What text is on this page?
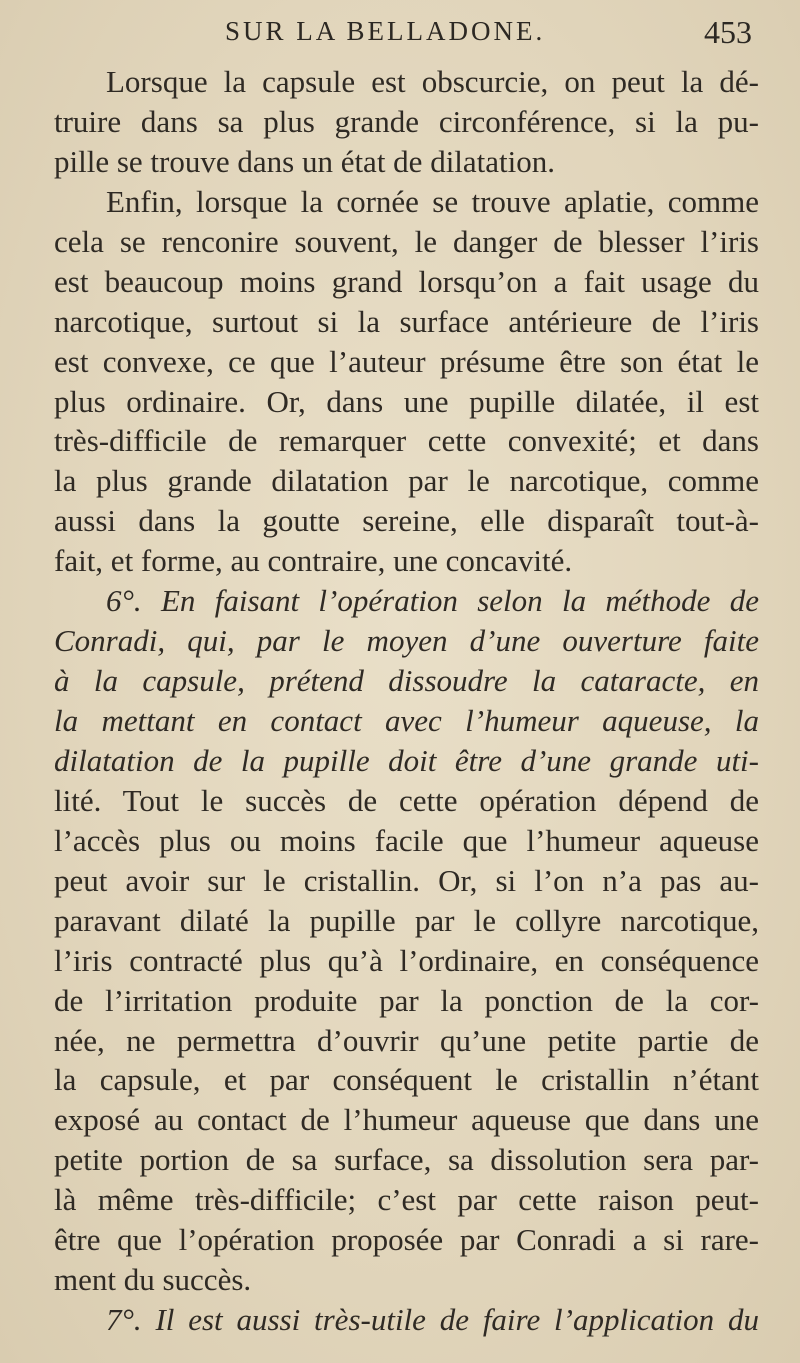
SUR LA BELLADONE.	453
Lorsque la capsule est obscurcie, on peut la dé-
truire dans sa plus grande circonférence, si la pu-
pille se trouve dans un état de dilatation.
Enfin, lorsque la cornée se trouve aplatie, comme
cela se renconire souvent, le danger de blesser l’iris
est beaucoup moins grand lorsqu’on a fait usage du
narcotique, surtout si la surface antérieure de l’iris
est convexe, ce que l’auteur présume être son état le
plus ordinaire. Or, dans une pupille dilatée, il est
très-difficile de remarquer cette convexité; et dans
la plus grande dilatation par le narcotique, comme
aussi dans la goutte sereine, elle disparaît tout-à-
fait, et forme, au contraire, une concavité.
6°. En faisant l’opération selon la méthode de
Conradi, qui, par le moyen d’une ouverture faite
à la capsule, prétend dissoudre la cataracte, en
la mettant en contact avec l’humeur aqueuse, la
dilatation de la pupille doit être d’une grande uti-
lité. Tout le succès de cette opération dépend de
l’accès plus ou moins facile que l’humeur aqueuse
peut avoir sur le cristallin. Or, si l’on n’a pas au-
paravant dilaté la pupille par le collyre narcotique,
l’iris contracté plus qu’à l’ordinaire, en conséquence
de l’irritation produite par la ponction de la cor-
née, ne permettra d’ouvrir qu’une petite partie de
la capsule, et par conséquent le cristallin n’étant
exposé au contact de l’humeur aqueuse que dans une
petite portion de sa surface, sa dissolution sera par-
là même très-difficile; c’est par cette raison peut-
être que l’opération proposée par Conradi a si rare-
ment du succès.
7°. Il est aussi très-utile de faire l’application du
